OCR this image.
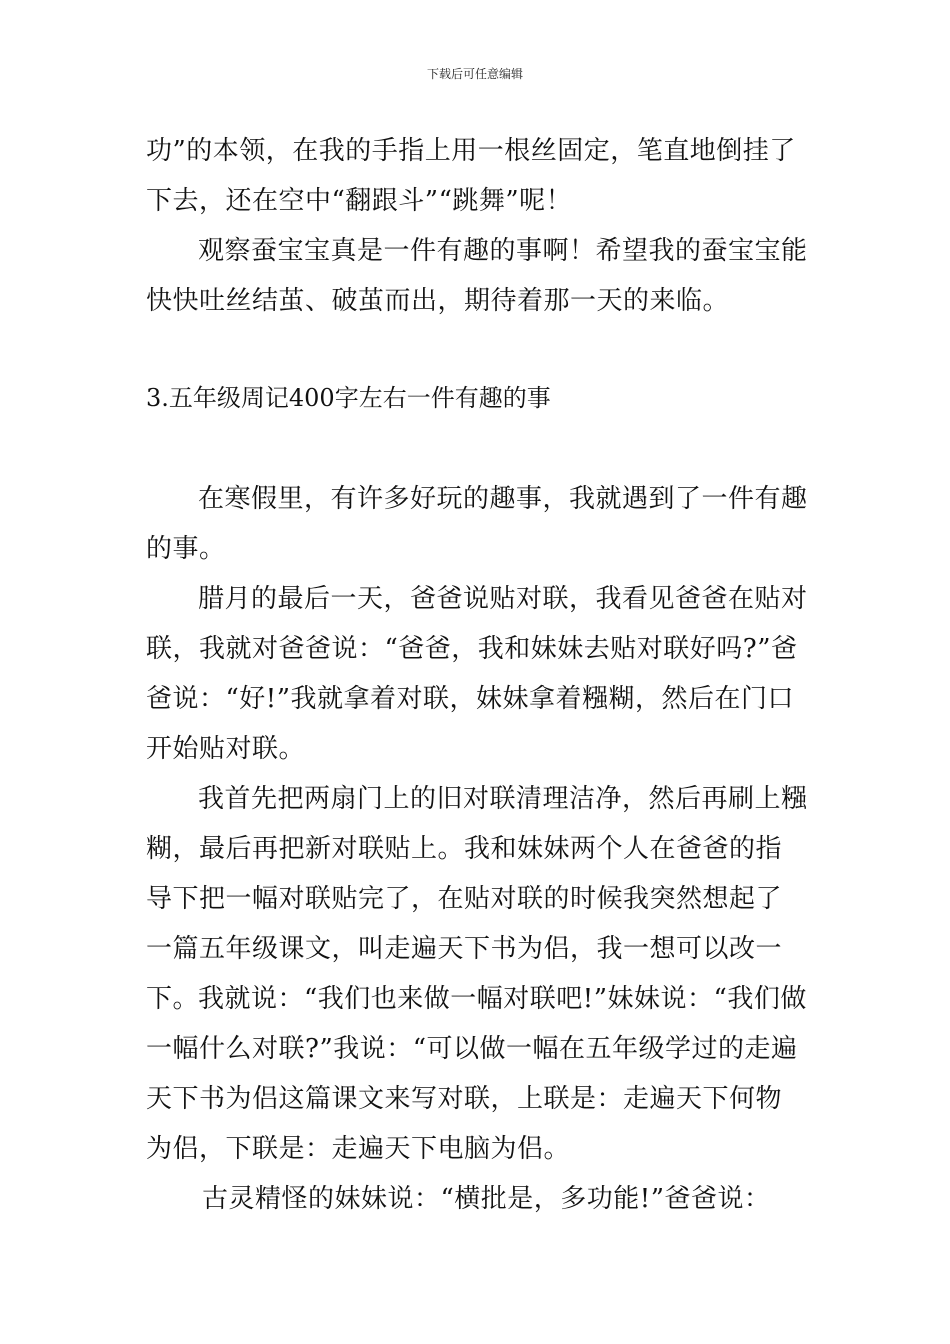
下载后可任意编辑

功”的本领，在我的手指上用一根丝固定，笔直地倒挂了下去，还在空中“翻跟斗”“跳舞”呢！

观察蚕宝宝真是一件有趣的事啊！希望我的蚕宝宝能快快吐丝结茧、破茧而出，期待着那一天的来临。

3.五年级周记400字左右一件有趣的事

在寒假里，有许多好玩的趣事，我就遇到了一件有趣的事。

腊月的最后一天，爸爸说贴对联，我看见爸爸在贴对联，我就对爸爸说：“爸爸，我和妹妹去贴对联好吗?”爸爸说：“好!”我就拿着对联，妹妹拿着糨糊，然后在门口开始贴对联。

我首先把两扇门上的旧对联清理洁净，然后再刷上糨糊，最后再把新对联贴上。我和妹妹两个人在爸爸的指导下把一幅对联贴完了，在贴对联的时候我突然想起了一篇五年级课文，叫走遍天下书为侣，我一想可以改一下。

我就说：“我们也来做一幅对联吧!”妹妹说：“我们做一幅什么对联?”我说：“可以做一幅在五年级学过的走遍天下书为侣这篇课文来写对联，上联是：走遍天下何物为侣，下联是：走遍天下电脑为侣。

古灵精怪的妹妹说：“横批是，多功能!”爸爸说：
